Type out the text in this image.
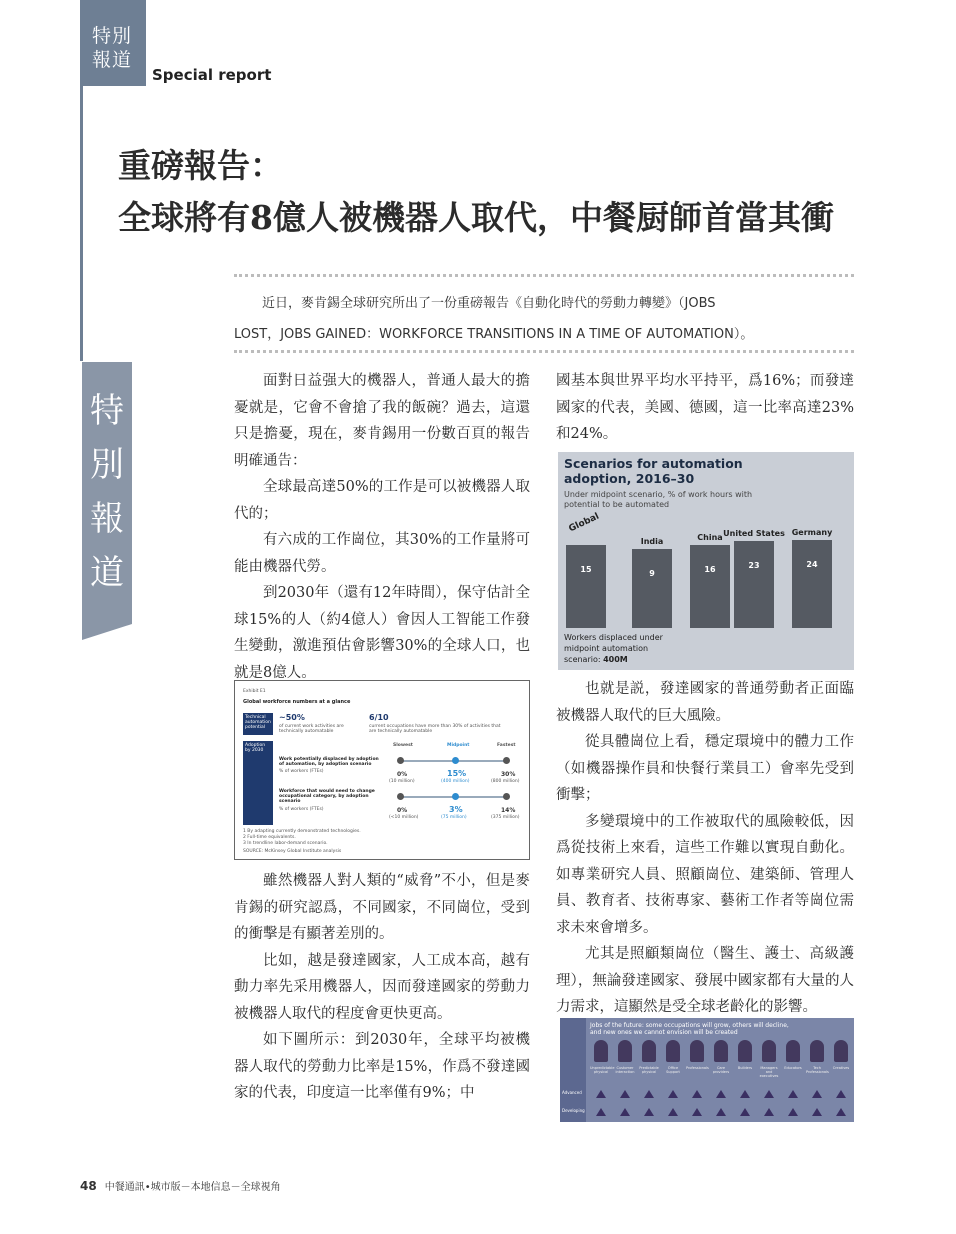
特別
報道
Special report
特
別
報
道
重磅報告：
全球將有8億人被機器人取代，中餐厨師首當其衝

近日，麥肯錫全球研究所出了一份重磅報告《自動化時代的勞動力轉變》（JOBS

LOST，JOBS GAINED：WORKFORCE TRANSITIONS IN A TIME OF AUTOMATION）。

面對日益强大的機器人，普通人最大的擔憂就是，它會不會搶了我的飯碗？過去，這還只是擔憂，現在，麥肯錫用一份數百頁的報告明確通告：

全球最高達50%的工作是可以被機器人取代的；

有六成的工作崗位，其30%的工作量將可能由機器代勞。

到2030年（還有12年時間），保守估計全球15%的人（約4億人）會因人工智能工作發生變動，激進預估會影響30%的全球人口，也就是8億人。

Exhibit E1
Global workforce numbers at a glance
Technical automation potential
~50%
of current work activities are technically automatable
6/10
current occupations have more than 30% of activities that are technically automatable
Adoption by 2030
Slowest	Midpoint	Fastest
Work potentially displaced by adoption of automation, by adoption scenario
% of workers (FTEs)	0%	15%	30%
(10 million)	(400 million)	(800 million)
Workforce that would need to change occupational category, by adoption scenario
% of workers (FTEs)	0%	3%	14%
(<10 million)	(75 million)	(375 million)
1 By adapting currently demonstrated technologies.
2 Full-time equivalents.
3 In trendline labor-demand scenario.
SOURCE: McKinsey Global Institute analysis

雖然機器人對人類的“威脅”不小，但是麥肯錫的研究認爲，不同國家，不同崗位，受到的衝擊是有顯著差別的。

比如，越是發達國家，人工成本高，越有動力率先采用機器人，因而發達國家的勞動力被機器人取代的程度會更快更高。

如下圖所示：到2030年，全球平均被機器人取代的勞動力比率是15%，作爲不發達國家的代表，印度這一比率僅有9%；中

國基本與世界平均水平持平，爲16%；而發達國家的代表，美國、德國，這一比率高達23%和24%。

Scenarios for automation adoption, 2016–30
Under midpoint scenario, % of work hours with potential to be automated
Workers displaced under
midpoint automation
scenario: 400M
15
Global
9
India
16
China
23
United States
24
Germany

也就是説，發達國家的普通勞動者正面臨被機器人取代的巨大風險。

從具體崗位上看，穩定環境中的體力工作（如機器操作員和快餐行業員工）會率先受到衝擊；

多變環境中的工作被取代的風險較低，因爲從技術上來看，這些工作難以實現自動化。如專業研究人員、照顧崗位、建築師、管理人員、教育者、技術專家、藝術工作者等崗位需求未來會增多。

尤其是照顧類崗位（醫生、護士、高級護理），無論發達國家、發展中國家都有大量的人力需求，這顯然是受全球老齡化的影響。

Jobs of the future: some occupations will grow, others will decline,
and new ones we cannot envision will be created
Advanced
Developing
Unpredictable physical
Customer interaction
Predictable physical
Office Support
Professionals	Care providers
Builders	Managers and executives
Educators	Tech Professionals
Creatives
48 中餐通訊•城市版－本地信息－全球視角
